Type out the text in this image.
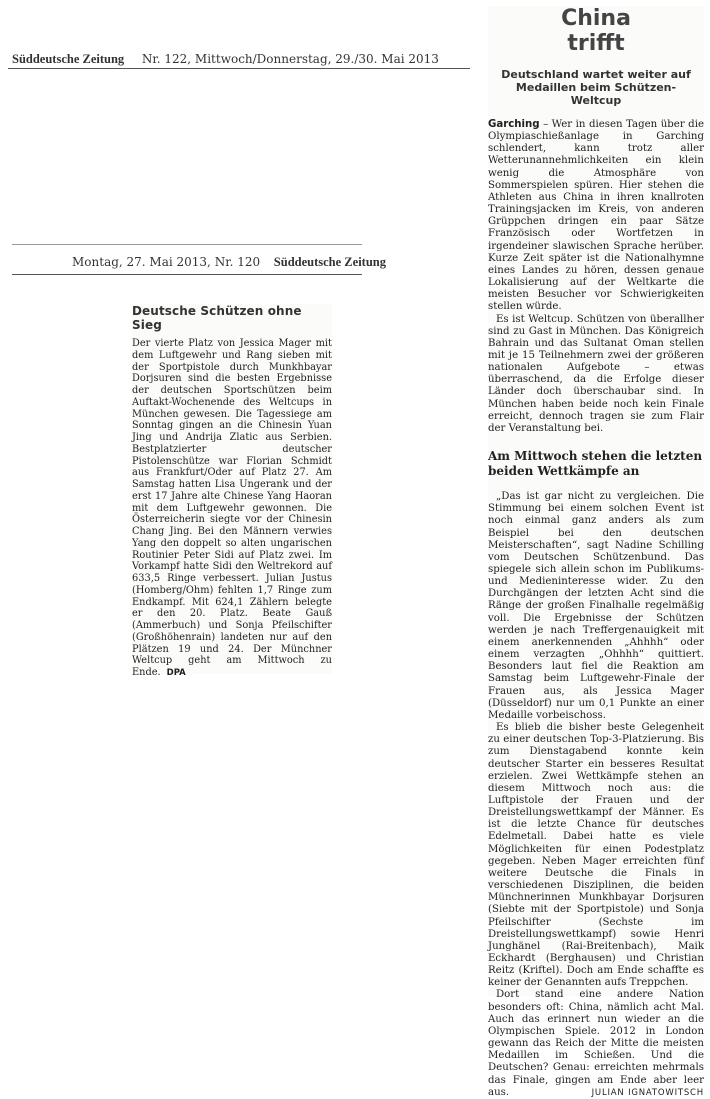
Süddeutsche Zeitung Nr. 122, Mittwoch/Donnerstag, 29./30. Mai 2013
Montag, 27. Mai 2013, Nr. 120 Süddeutsche Zeitung
Deutsche Schützen ohne Sieg
Der vierte Platz von Jessica Mager mit dem Luftgewehr und Rang sieben mit der Sportpistole durch Munkhbayar Dorjsuren sind die besten Ergebnisse der deutschen Sportschützen beim Auftakt-Wochenende des Weltcups in München gewesen. Die Tagessiege am Sonntag gingen an die Chinesin Yuan Jing und Andrija Zlatic aus Serbien. Bestplatzierter deutscher Pistolenschütze war Florian Schmidt aus Frankfurt/Oder auf Platz 27. Am Samstag hatten Lisa Ungerank und der erst 17 Jahre alte Chinese Yang Haoran mit dem Luftgewehr gewonnen. Die Österreicherin siegte vor der Chinesin Chang Jing. Bei den Männern verwies Yang den doppelt so alten ungarischen Routinier Peter Sidi auf Platz zwei. Im Vorkampf hatte Sidi den Weltrekord auf 633,5 Ringe verbessert. Julian Justus (Homberg/Ohm) fehlten 1,7 Ringe zum Endkampf. Mit 624,1 Zählern belegte er den 20. Platz. Beate Gauß (Ammerbuch) und Sonja Pfeilschifter (Großhöhenrain) landeten nur auf den Plätzen 19 und 24. Der Münchner Weltcup geht am Mittwoch zu Ende. DPA
China
trifft
Deutschland wartet weiter auf Medaillen beim Schützen-Weltcup

Garching – Wer in diesen Tagen über die Olympiaschießanlage in Garching schlendert, kann trotz aller Wetterunannehmlichkeiten ein klein wenig die Atmosphäre von Sommerspielen spüren. Hier stehen die Athleten aus China in ihren knallroten Trainingsjacken im Kreis, von anderen Grüppchen dringen ein paar Sätze Französisch oder Wortfetzen in irgendeiner slawischen Sprache herüber. Kurze Zeit später ist die Nationalhymne eines Landes zu hören, dessen genaue Lokalisierung auf der Weltkarte die meisten Besucher vor Schwierigkeiten stellen würde.

Es ist Weltcup. Schützen von überallher sind zu Gast in München. Das Königreich Bahrain und das Sultanat Oman stellen mit je 15 Teilnehmern zwei der größeren nationalen Aufgebote – etwas überraschend, da die Erfolge dieser Länder doch überschaubar sind. In München haben beide noch kein Finale erreicht, dennoch tragen sie zum Flair der Veranstaltung bei.

Am Mittwoch stehen die letzten beiden Wettkämpfe an

„Das ist gar nicht zu vergleichen. Die Stimmung bei einem solchen Event ist noch einmal ganz anders als zum Beispiel bei den deutschen Meisterschaften“, sagt Nadine Schilling vom Deutschen Schützenbund. Das spiegele sich allein schon im Publikums- und Medieninteresse wider. Zu den Durchgängen der letzten Acht sind die Ränge der großen Finalhalle regelmäßig voll. Die Ergebnisse der Schützen werden je nach Treffergenauigkeit mit einem anerkennenden „Ahhhh“ oder einem verzagten „Ohhhh“ quittiert. Besonders laut fiel die Reaktion am Samstag beim Luftgewehr-Finale der Frauen aus, als Jessica Mager (Düsseldorf) nur um 0,1 Punkte an einer Medaille vorbeischoss.

Es blieb die bisher beste Gelegenheit zu einer deutschen Top-3-Platzierung. Bis zum Dienstagabend konnte kein deutscher Starter ein besseres Resultat erzielen. Zwei Wettkämpfe stehen an diesem Mittwoch noch aus: die Luftpistole der Frauen und der Dreistellungswettkampf der Männer. Es ist die letzte Chance für deutsches Edelmetall. Dabei hatte es viele Möglichkeiten für einen Podestplatz gegeben. Neben Mager erreichten fünf weitere Deutsche die Finals in verschiedenen Disziplinen, die beiden Münchnerinnen Munkhbayar Dorjsuren (Siebte mit der Sportpistole) und Sonja Pfeilschifter (Sechste im Dreistellungswettkampf) sowie Henri Junghänel (Rai-Breitenbach), Maik Eckhardt (Berghausen) und Christian Reitz (Kriftel). Doch am Ende schaffte es keiner der Genannten aufs Treppchen.

Dort stand eine andere Nation besonders oft: China, nämlich acht Mal. Auch das erinnert nun wieder an die Olympischen Spiele. 2012 in London gewann das Reich der Mitte die meisten Medaillen im Schießen. Und die Deutschen? Genau: erreichten mehrmals das Finale, gingen am Ende aber leer aus.	JULIAN IGNATOWITSCH
